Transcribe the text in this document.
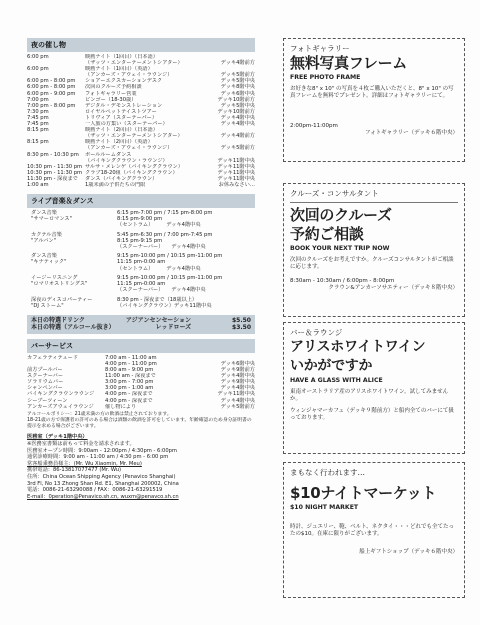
夜の催し物
6:00 pm	映画ナイト（1回目）（日本語）
（ザッツ・エンターテーメントシアター）	デッキ4階前方
6:00 pm	映画ナイト（1回目）（英語）
（アンカーズ・アウェイ・ラウンジ）	デッキ5階前方
6:00 pm - 8:00 pm	ショアーエクスカーションデスク	デッキ5階中央
6:00 pm - 8:00 pm	次回のクルーズ予約相談	デッキ8階中央
6:00 pm - 9:00 pm	フォトギャラリー営業	デッキ6階中央
7:00 pm	ビンゴー（18-30歳）	デッキ10階前方
7:00 pm - 8:00 pm	デジタル・デモンストレーション	デッキ5階中央
7:30 pm	ロイヤルペットテイストツアー	デッキ10階前方
7:45 pm	トリヴィア（スターテーパー）	デッキ4階中央
7:45 pm	一人旅の方集い（スターテーパー）	デッキ4階中央
8:15 pm	映画ナイト（2回目）（日本語）
（ザッツ・エンターテーメントシアター）	デッキ4階前方
8:15 pm	映画ナイト（2回目）（英語）
（アンカーズ・アウェイ・ラウンジ）	デッキ5階前方
8:30 pm - 10:30 pm	ボールルームダンス
（バイキングクラウン・ラウンジ）	デッキ11階中央
10:30 pm - 11:30 pm サルサ・メレンゲ（バイキングクラウン）	デッキ11階中央
10:30 pm - 11:30 pm クラブ18-20組（バイキングクラウン）	デッキ11階中央
11:30 pm - 深夜まで	ダンス（バイキングクラウン）	デッキ11階中央
1:00 am	1歳未満の子供たちの門限	お休みなさい…
ライブ音楽＆ダンス
ダンス音楽	6:15 pm-7:00 pm / 7:15 pm-8:00 pm
"サマーロマンス"	8:15 pm-9:00 pm
（セントラム）　　　デッキ4階中央
カクテル音楽	5:45 pm-6:30 pm / 7:00 pm-7:45 pm
"アルバン"	8:15 pm-9:15 pm
（スクーナーバー）　　デッキ4階中央
ダンス音楽	9:15 pm-10:00 pm / 10:15 pm-11:00 pm
"キナティック"	11:15 pm-0:00 am
（セントラム）　　　デッキ4階中央
イージーリスニング	9:15 pm-10:00 pm / 10:15 pm-11:00 pm
"ロマリオストリングス"	11:15 pm-0:00 am
（スクーナーバー）　　デッキ4階中央
深夜のディスコパーティー	8:30 pm - 深夜まで（18歳以上）
"DJ ストーム"	（バイキングクラウン）デッキ11階中央
本日の特選ドリンク	アジアンセンセーション	$5.50
本日の特選（アルコール抜き）	レッドローズ	$3.50
バーサービス
カフェラティテュード	7:00 am - 11:00 am
4:00 pm - 11:00 pm	デッキ6階中央
前方プールバー	8:00 am - 9:00 pm	デッキ9階前方
スクーナーバー	11:00 am - 深夜まで	デッキ4階中央
ソラリウムバー	3:00 pm - 7:00 pm	デッキ9階中央
シャンペンバー	3:00 pm - 1:00 am	デッキ4階中央
バイキングクラウンラウンジ	4:00 pm - 深夜まで	デッキ11階中央
シーブーツィーン	4:00 pm - 深夜まで	デッキ4階中央
アンカーズアウェイラウンジ	催し物により	デッキ5階前方
アルコールポリシー：21歳未満の方の飲酒は禁止されております。
18-21歳の方で保護者の許可のある場合は酒類の飲酒を許可をしています。年齢確認のため身分証明書の提示を求める場合がございます。
医務室（デッキ1階中央）
※医務室書類は前もって料金を請求されます。
医務室オープン時間：9:00am - 12:00pm / 4:30pm - 6:00pm
通常診療時間：9:00 am - 11:00 am / 4:30 pm - 6:00 pm
常客船乗務員様主：(Mr. Wu Xiaomin, Mr. Meu)
携帯電話：86-13817077477 (Mr. Wu)
住所：China Ocean Shipping Agency (Penavico Shanghai)
3rd Fl, No 13 Zhong Shan Rd. E1, Shanghai 200002, China
電話：0086-21-63290088 / FAX：0086-21-63291519
E-mail：0peration@Penavico.sh.cn, wuxm@penavco.sh.cn
フォトギャラリー
無料写真フレーム
FREE PHOTO FRAME
お好きな8" x 10" の写真を４枚ご購入いただくと、8" x 10" の写真フレームを無料でプレゼント。詳細はフォトギャラリーにて。
2:00pm-11:00pm
フォトギャラリー（デッキ６階中央）
クルーズ・コンサルタント
次回のクルーズ
予約ご相談
BOOK YOUR NEXT TRIP NOW
次回のクルーズをお考えですか。クルーズコンサルタントがご相談に応じます。
8:30am - 10:30am / 6:00pm - 8:00pm
クラウン&アンカーソサエティー（デッキ８階中央）
バー＆ラウンジ
アリスホワイトワイン
いかがですか
HAVE A GLASS WITH ALICE
東南オーストラリア産のアリスホワイトワイン。試してみませんか。
ウィンジャマーカフェ（デッキ９階前方）と船内全てのバーにて扱っております。
まもなく行われます…
$10ナイトマーケット
$10 NIGHT MARKET
時計、ジュエリー、鞄、ベルト、ネクタイ・・・どれでも全てたったの$10。在庫に限りがございます。
船上ギフトショップ（デッキ６階中央）
